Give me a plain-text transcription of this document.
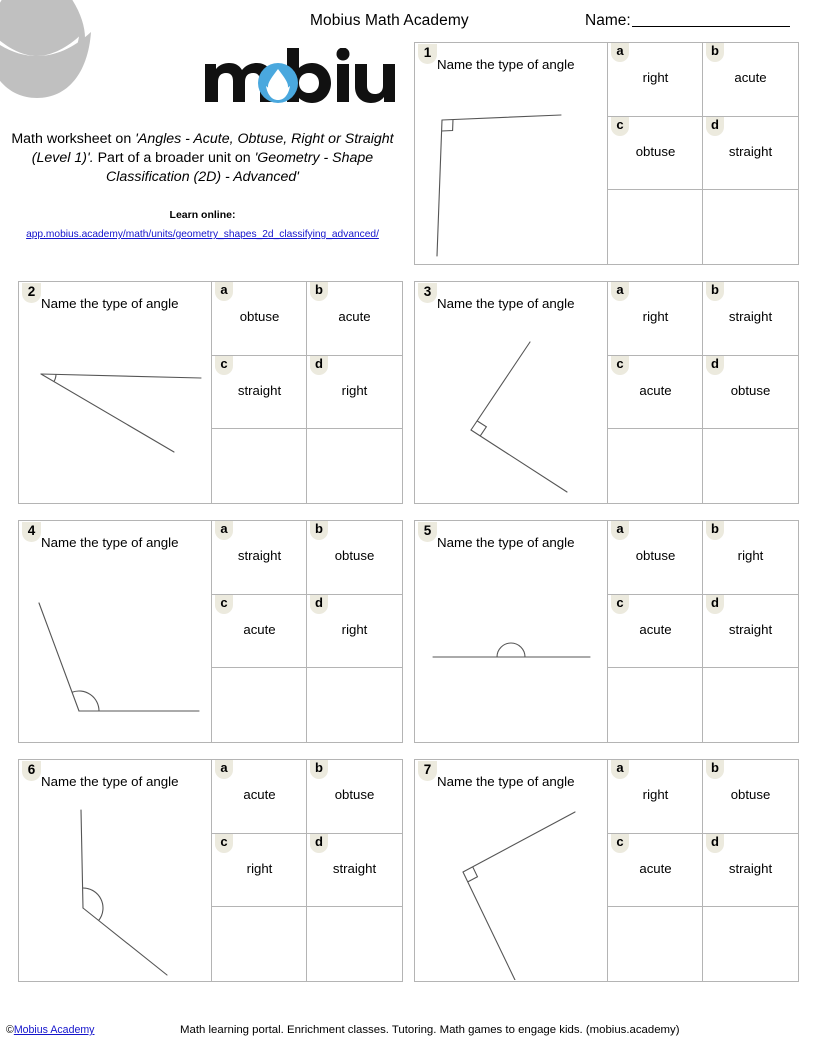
Mobius Math Academy	Name:
Math worksheet on 'Angles - Acute, Obtuse, Right or Straight (Level 1)'. Part of a broader unit on 'Geometry - Shape Classification (2D) - Advanced'
Learn online:
app.mobius.academy/math/units/geometry_shapes_2d_classifying_advanced/
1
Name the type of angle
a
right
b
acute
c
obtuse
d
straight
2
Name the type of angle
a
obtuse
b
acute
c
straight
d
right
3
Name the type of angle
a
right
b
straight
c
acute
d
obtuse
4
Name the type of angle
a
straight
b
obtuse
c
acute
d
right
5
Name the type of angle
a
obtuse
b
right
c
acute
d
straight
6
Name the type of angle
a
acute
b
obtuse
c
right
d
straight
7
Name the type of angle
a
right
b
obtuse
c
acute
d
straight
©Mobius Academy	Math learning portal. Enrichment classes. Tutoring. Math games to engage kids. (mobius.academy)
